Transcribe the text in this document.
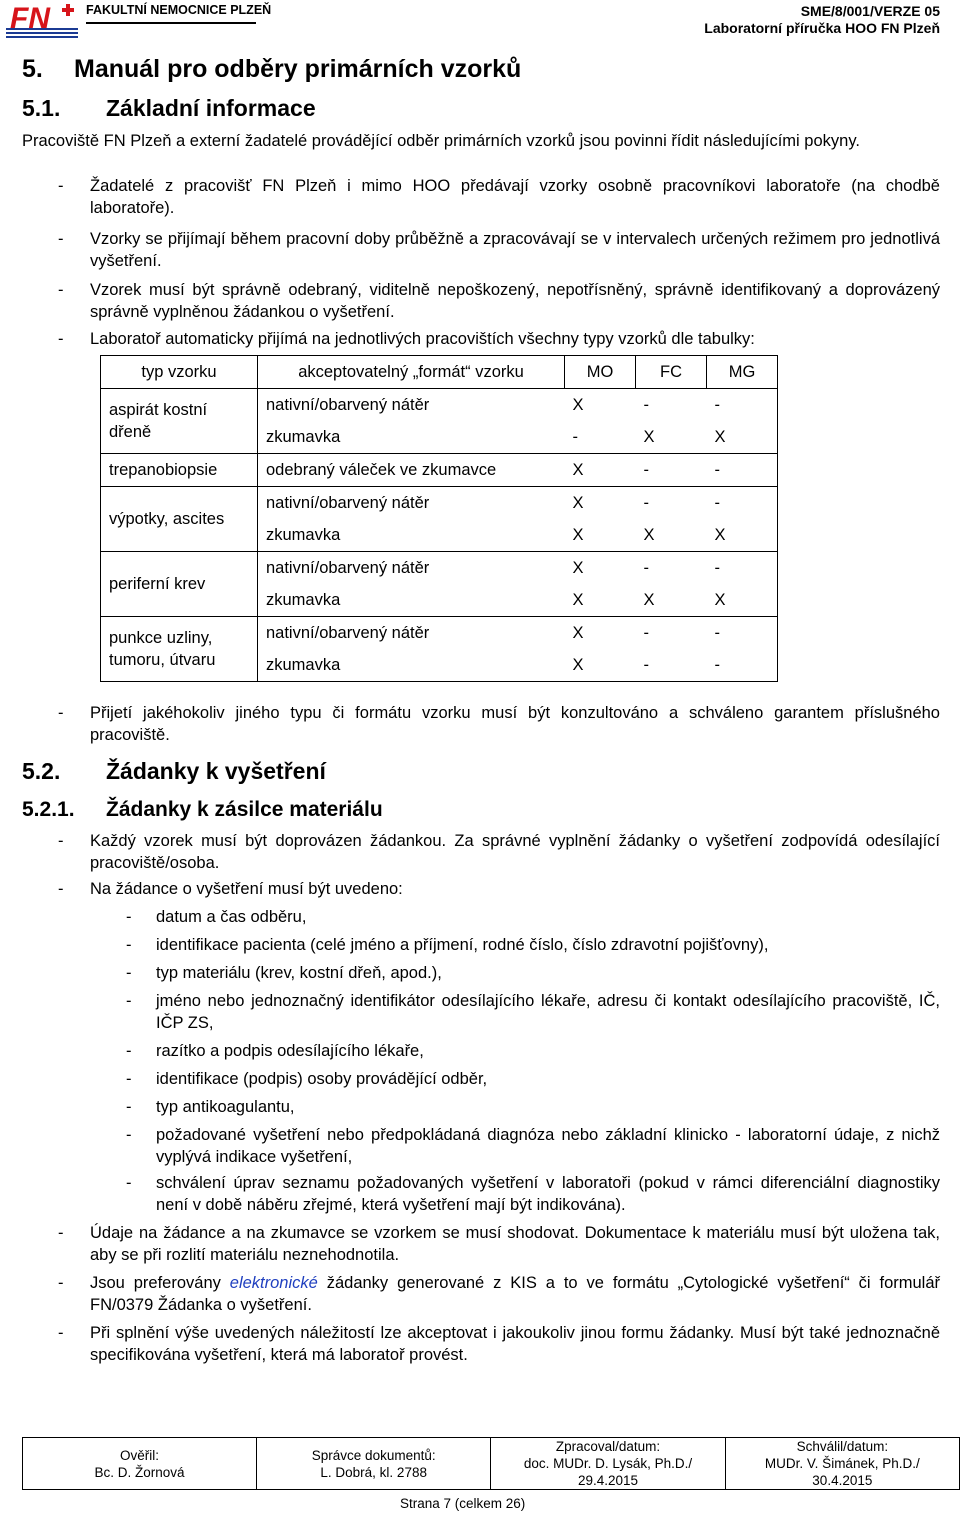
FN	FAKULTNÍ NEMOCNICE PLZEŇ	SME/8/001/VERZE 05
Laboratorní příručka HOO FN Plzeň
5. Manuál pro odběry primárních vzorků
5.1. Základní informace
Pracoviště FN Plzeň a externí žadatelé provádějící odběr primárních vzorků jsou povinni řídit následujícími pokyny.
- Žadatelé z pracovišť FN Plzeň i mimo HOO předávají vzorky osobně pracovníkovi laboratoře (na chodbě laboratoře).
- Vzorky se přijímají během pracovní doby průběžně a zpracovávají se v intervalech určených režimem pro jednotlivá vyšetření.
- Vzorek musí být správně odebraný, viditelně nepoškozený, nepotřísněný, správně identifikovaný a doprovázený správně vyplněnou žádankou o vyšetření.
- Laboratoř automaticky přijímá na jednotlivých pracovištích všechny typy vzorků dle tabulky:
typ vzorku	akceptovatelný „formát“ vzorku	MO	FC	MG
aspirát kostní dřeně	nativní/obarvený nátěr	X	-	-
	zkumavka	-	X	X
trepanobiopsie	odebraný váleček ve zkumavce	X	-	-
výpotky, ascites	nativní/obarvený nátěr	X	-	-
	zkumavka	X	X	X
periferní krev	nativní/obarvený nátěr	X	-	-
	zkumavka	X	X	X
punkce uzliny, tumoru, útvaru	nativní/obarvený nátěr	X	-	-
	zkumavka	X	-	-
- Přijetí jakéhokoliv jiného typu či formátu vzorku musí být konzultováno a schváleno garantem příslušného pracoviště.
5.2. Žádanky k vyšetření
5.2.1. Žádanky k zásilce materiálu
- Každý vzorek musí být doprovázen žádankou. Za správné vyplnění žádanky o vyšetření zodpovídá odesílající pracoviště/osoba.
- Na žádance o vyšetření musí být uvedeno:
- datum a čas odběru,
- identifikace pacienta (celé jméno a příjmení, rodné číslo, číslo zdravotní pojišťovny),
- typ materiálu (krev, kostní dřeň, apod.),
- jméno nebo jednoznačný identifikátor odesílajícího lékaře, adresu či kontakt odesílajícího pracoviště, IČ, IČP ZS,
- razítko a podpis odesílajícího lékaře,
- identifikace (podpis) osoby provádějící odběr,
- typ antikoagulantu,
- požadované vyšetření nebo předpokládaná diagnóza nebo základní klinicko - laboratorní údaje, z nichž vyplývá indikace vyšetření,
- schválení úprav seznamu požadovaných vyšetření v laboratoři (pokud v rámci diferenciální diagnostiky není v době náběru zřejmé, která vyšetření mají být indikována).
- Údaje na žádance a na zkumavce se vzorkem se musí shodovat. Dokumentace k materiálu musí být uložena tak, aby se při rozlití materiálu neznehodnotila.
- Jsou preferovány elektronické žádanky generované z KIS a to ve formátu „Cytologické vyšetření“ či formulář FN/0379 Žádanka o vyšetření.
- Při splnění výše uvedených náležitostí lze akceptovat i jakoukoliv jinou formu žádanky. Musí být také jednoznačně specifikována vyšetření, která má laboratoř provést.
Ověřil:
Bc. D. Žornová

Správce dokumentů:
L. Dobrá, kl. 2788

Zpracoval/datum:
doc. MUDr. D. Lysák, Ph.D./
29.4.2015

Schválil/datum:
MUDr. V. Šimánek, Ph.D./
30.4.2015
Strana 7 (celkem 26)
